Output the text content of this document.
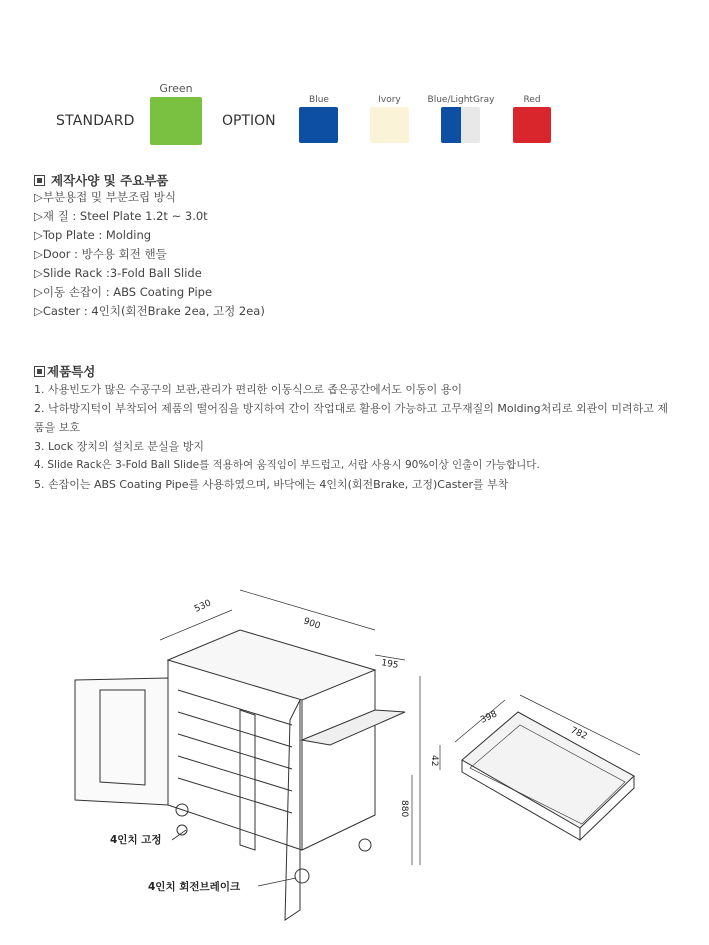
STANDARD
Green
OPTION
Blue	Ivory	Blue/LightGray	Red
제작사양 및 주요부품
▷부분용접 및 부분조립 방식
▷재 질 : Steel Plate 1.2t ~ 3.0t
▷Top Plate : Molding
▷Door : 방수용 회전 핸들
▷Slide Rack :3-Fold Ball Slide
▷이동 손잡이 : ABS Coating Pipe
▷Caster : 4인치(회전Brake 2ea, 고정 2ea)
제품특성
1. 사용빈도가 많은 수공구의 보관,관리가 편리한 이동식으로 좁은공간에서도 이동이 용이
2. 낙하방지턱이 부착되어 제품의 떨어짐을 방지하여 간이 작업대로 활용이 가능하고 고무재질의 Molding처리로 외관이 미려하고 제품을 보호
3. Lock 장치의 설치로 분실을 방지
4. Slide Rack은 3-Fold Ball Slide를 적용하여 움직임이 부드럽고, 서랍 사용시 90%이상 인출이 가능합니다.
5. 손잡이는 ABS Coating Pipe를 사용하였으며, 바닥에는 4인치(회전Brake, 고정)Caster를 부착
530
900
195
880
398
782
42
4인치 고정
4인치 회전브레이크
